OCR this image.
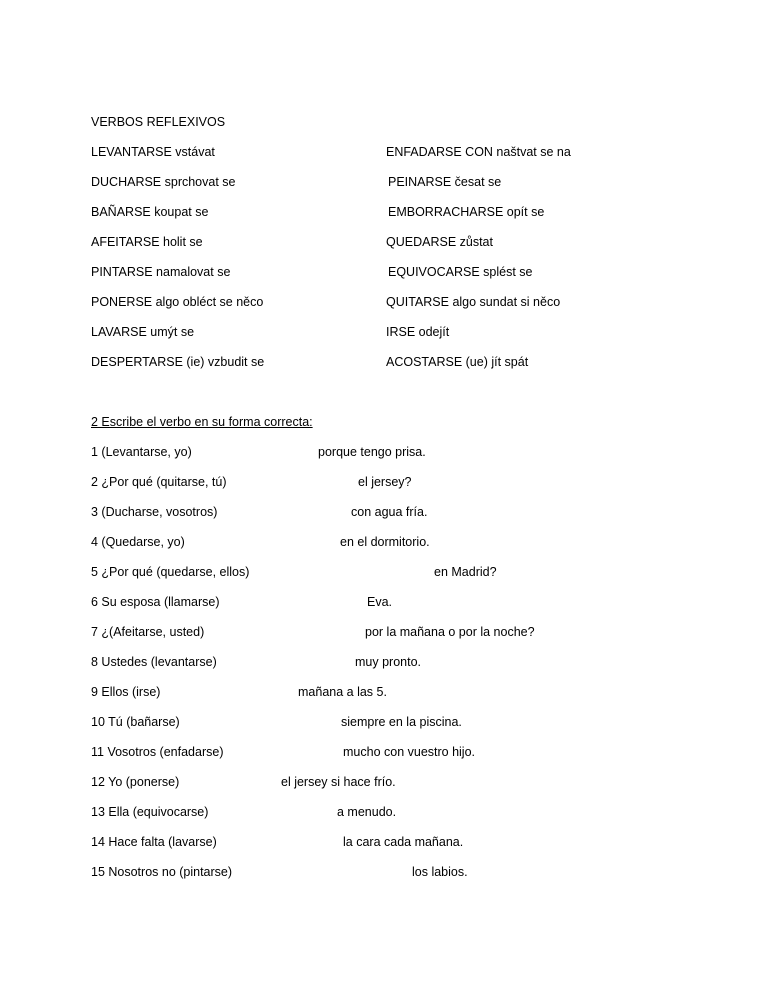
VERBOS REFLEXIVOS
LEVANTARSE vstávat
DUCHARSE sprchovat se
BAÑARSE koupat se
AFEITARSE holit se
PINTARSE namalovat se
PONERSE algo obléct se něco
LAVARSE umýt se
DESPERTARSE (ie) vzbudit se
ENFADARSE CON naštvat se na
PEINARSE česat se
EMBORRACHARSE opít se
QUEDARSE zůstat
EQUIVOCARSE splést se
QUITARSE algo sundat si něco
IRSE odejít
ACOSTARSE (ue) jít spát
2 Escribe el verbo en su forma correcta:
1 (Levantarse, yo)
2 ¿Por qué (quitarse, tú)
3 (Ducharse, vosotros)
4 (Quedarse, yo)
5 ¿Por qué (quedarse, ellos)
6 Su esposa (llamarse)
7 ¿(Afeitarse, usted)
8 Ustedes (levantarse)
9 Ellos (irse)
10 Tú (bañarse)
11 Vosotros (enfadarse)
12 Yo (ponerse)
13 Ella (equivocarse)
14 Hace falta (lavarse)
15 Nosotros no (pintarse)
porque tengo prisa.
el jersey?
con agua fría.
en el dormitorio.
en Madrid?
Eva.
por la mañana o por la noche?
muy pronto.
mañana a las 5.
siempre en la piscina.
mucho con vuestro hijo.
el jersey si hace frío.
a menudo.
la cara cada mañana.
los labios.
